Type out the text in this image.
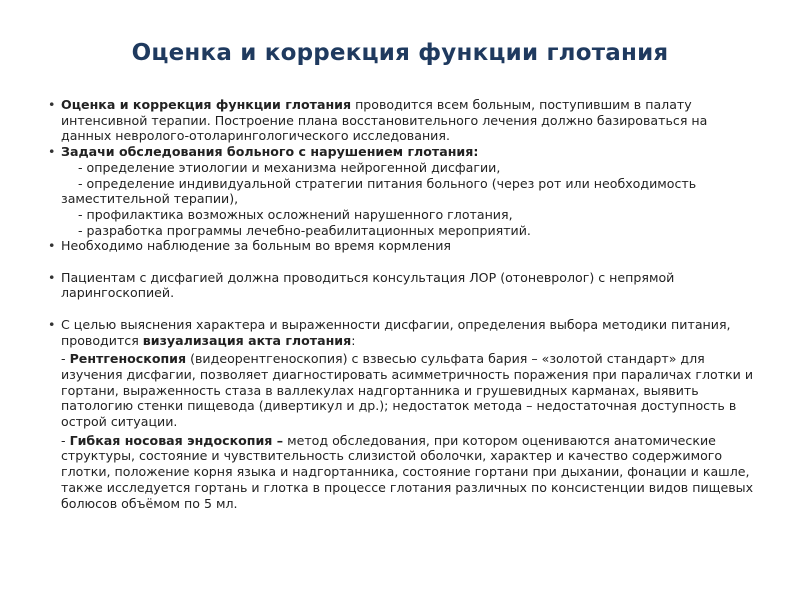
Оценка и коррекция функции глотания
• Оценка и коррекция функции глотания проводится всем больным, поступившим в палату интенсивной терапии. Построение плана восстановительного лечения должно базироваться на данных невролого-отоларингологического исследования.
• Задачи обследования больного с нарушением глотания:
- определение этиологии и механизма нейрогенной дисфагии,
- определение индивидуальной стратегии питания больного (через рот или необходимость заместительной терапии),
- профилактика возможных осложнений нарушенного глотания,
- разработка программы лечебно-реабилитационных мероприятий.
• Необходимо наблюдение за больным во время кормления
• Пациентам с дисфагией должна проводиться консультация ЛОР (отоневролог) с непрямой ларингоскопией.
• С целью выяснения характера и выраженности дисфагии, определения выбора методики питания, проводится визуализация акта глотания:
- Рентгеноскопия (видеорентгеноскопия) с взвесью сульфата бария – «золотой стандарт» для изучения дисфагии, позволяет диагностировать асимметричность поражения при параличах глотки и гортани, выраженность стаза в валлекулах надгортанника и грушевидных карманах, выявить патологию стенки пищевода (дивертикул и др.); недостаток метода – недостаточная доступность в острой ситуации.
- Гибкая носовая эндоскопия – метод обследования, при котором оцениваются анатомические структуры, состояние и чувствительность слизистой оболочки, характер и качество содержимого глотки, положение корня языка и надгортанника, состояние гортани при дыхании, фонации и кашле, также исследуется гортань и глотка в процессе глотания различных по консистенции видов пищевых болюсов объёмом по 5 мл.
